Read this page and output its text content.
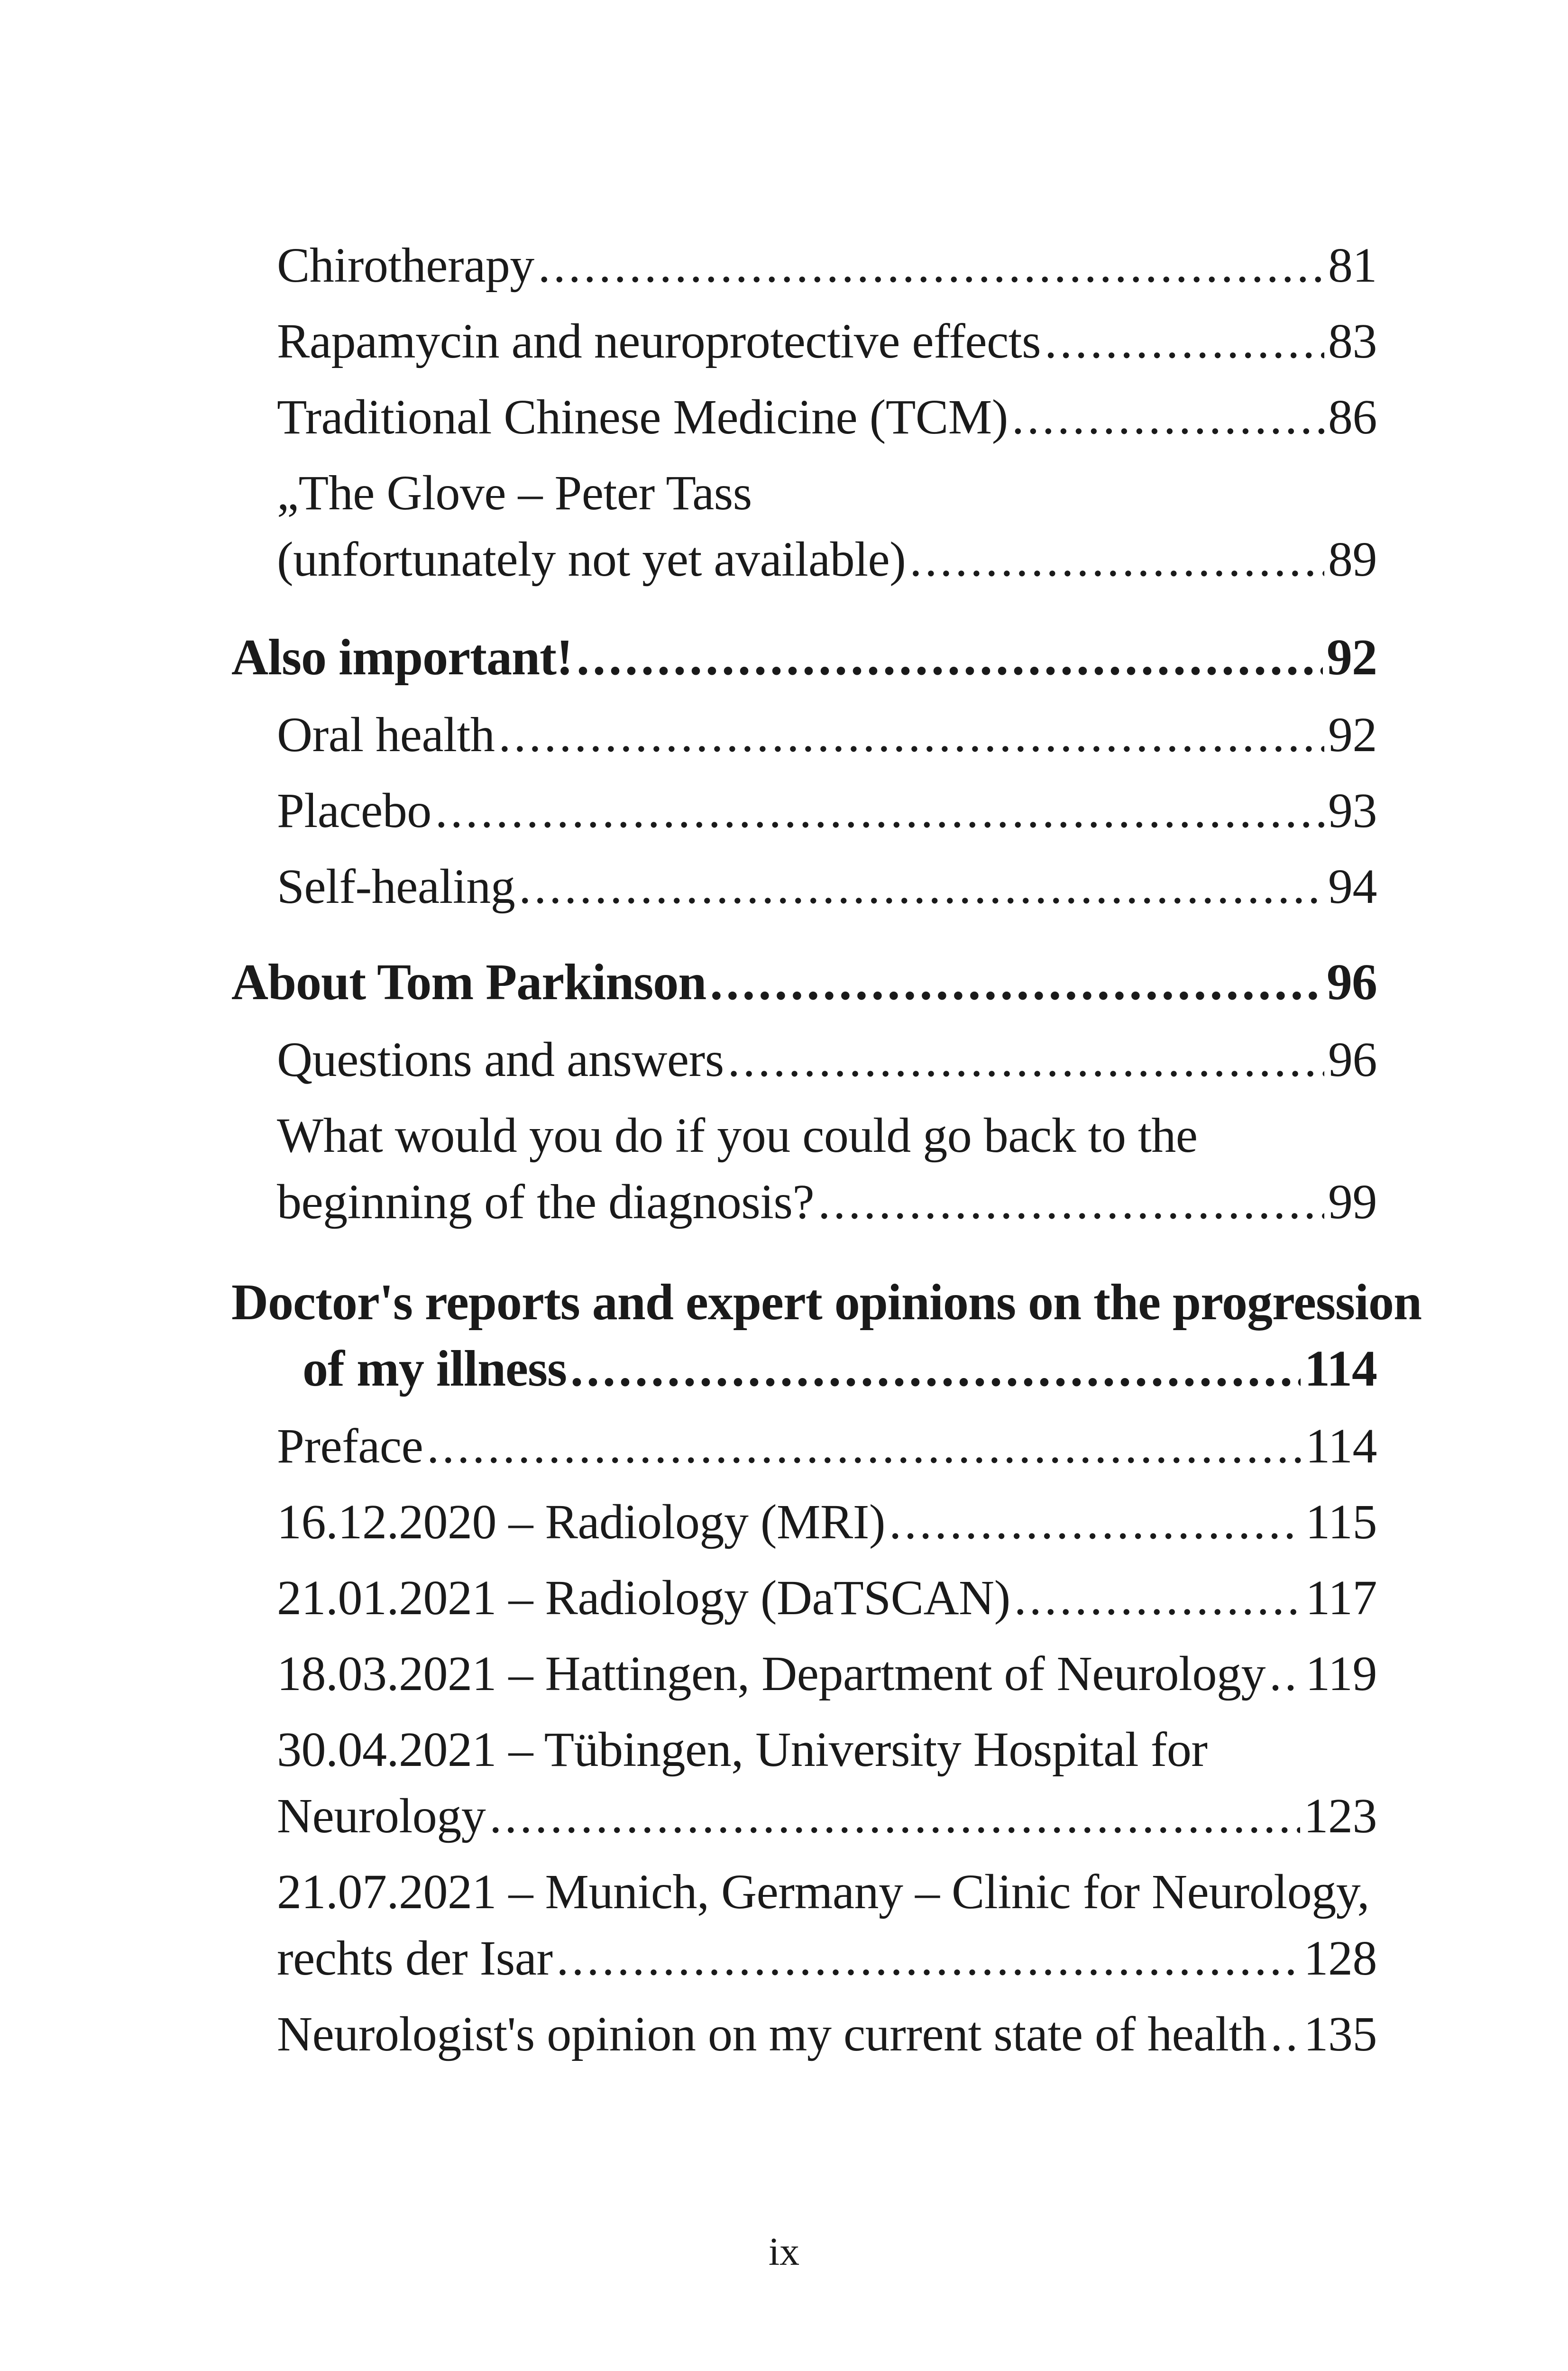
Chirotherapy . . .	81
Rapamycin and neuroprotective effects . . .	83
Traditional Chinese Medicine (TCM) . . .	86
„The Glove – Peter Tass
(unfortunately not yet available) . . .	89
Also important! . . .	92
Oral health . . .	92
Placebo . . .	93
Self-healing . . .	94
About Tom Parkinson . . .	96
Questions and answers . . .	96
What would you do if you could go back to the
beginning of the diagnosis? . . .	99
Doctor's reports and expert opinions on the progression
of my illness . . .	114
Preface . . .	114
16.12.2020 – Radiology (MRI) . . .	115
21.01.2021 – Radiology (DaTSCAN) . . .	117
18.03.2021 – Hattingen, Department of Neurology . . . 119
30.04.2021 – Tübingen, University Hospital for
Neurology . . .	123
21.07.2021 – Munich, Germany – Clinic for Neurology,
rechts der Isar . . .	128
Neurologist's opinion on my current state of health . . . 135
ix
